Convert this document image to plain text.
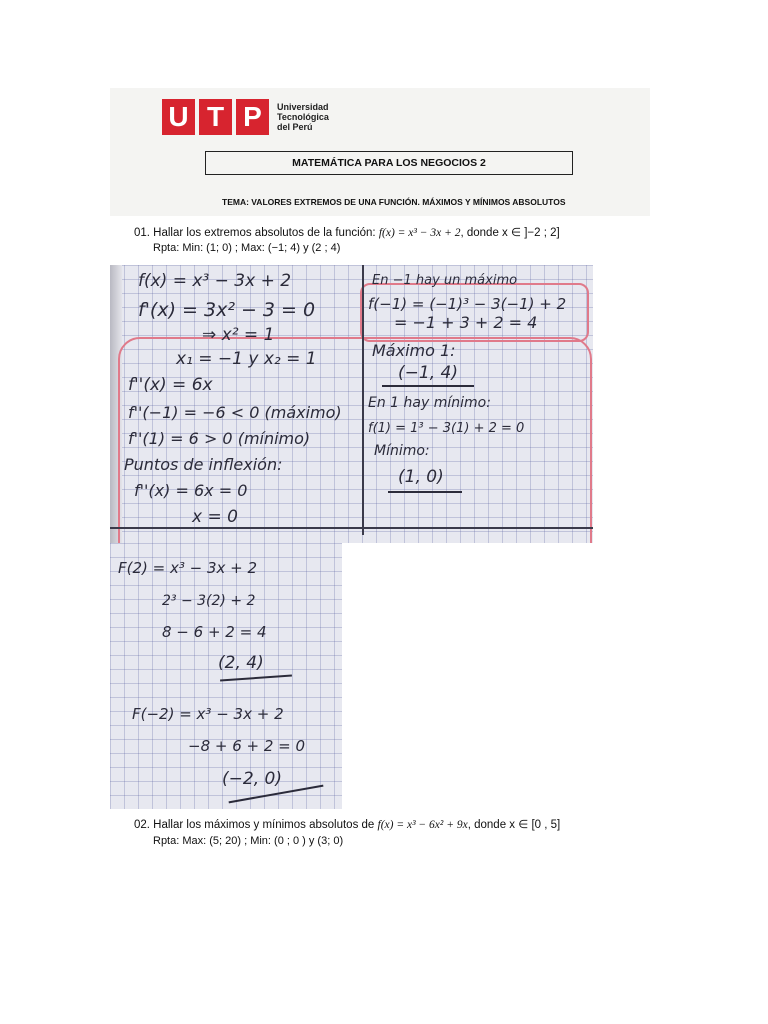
U T P	Universidad
Tecnológica
del Perú
MATEMÁTICA PARA LOS NEGOCIOS 2
TEMA: VALORES EXTREMOS DE UNA FUNCIÓN. MÁXIMOS Y MÍNIMOS ABSOLUTOS
01. Hallar los extremos absolutos de la función: f(x) = x³ − 3x + 2, donde x ∈ ]−2 ; 2]
Rpta: Min: (1; 0) ; Max: (−1; 4) y (2 ; 4)
f(x) = x³ − 3x + 2
f'(x) = 3x² − 3 = 0
⇒ x² = 1
x₁ = −1 y x₂ = 1
f''(x) = 6x
f''(−1) = −6 < 0 (máximo)
f''(1) = 6 > 0 (mínimo)
Puntos de inflexión:
f''(x) = 6x = 0
x = 0
En −1 hay un máximo
f(−1) = (−1)³ − 3(−1) + 2
= −1 + 3 + 2 = 4
Máximo 1:
(−1, 4)
En 1 hay mínimo:
f(1) = 1³ − 3(1) + 2 = 0
Mínimo:
(1, 0)
F(2) = x³ − 3x + 2
2³ − 3(2) + 2
8 − 6 + 2 = 4
(2, 4)
F(−2) = x³ − 3x + 2
−8 + 6 + 2 = 0
(−2, 0)
02. Hallar los máximos y mínimos absolutos de f(x) = x³ − 6x² + 9x, donde x ∈ [0 , 5]
Rpta: Max: (5; 20) ; Min: (0 ; 0 ) y (3; 0)
